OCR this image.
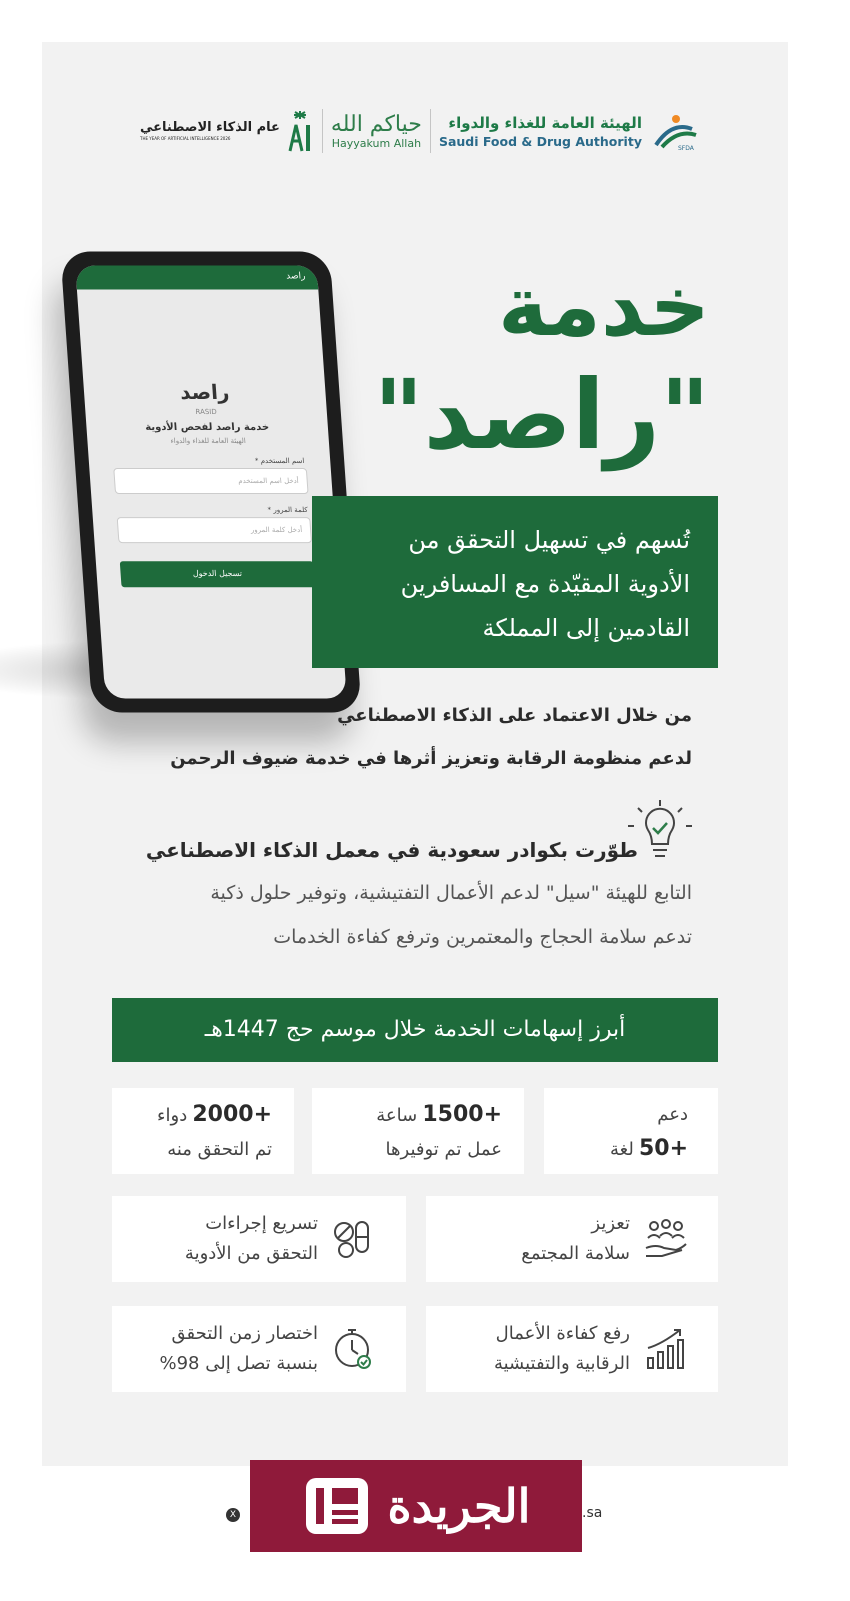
عام الذكاء الاصطناعي
THE YEAR OF ARTIFICIAL INTELLIGENCE 2026
حياكم الله
Hayyakum Allah
الهيئة العامة للغذاء والدواء
Saudi Food & Drug Authority	SFDA
خدمة
"راصد"
راصد
راصد
RASID
خدمة راصد لفحص الأدوية
الهيئة العامة للغذاء والدواء
اسم المستخدم *
أدخل اسم المستخدم
كلمة المرور *
أدخل كلمة المرور
تسجيل الدخول
تُسهم في تسهيل التحقق من
الأدوية المقيّدة مع المسافرين
القادمين إلى المملكة
من خلال الاعتماد على الذكاء الاصطناعي
لدعم منظومة الرقابة وتعزيز أثرها في خدمة ضيوف الرحمن
طوّرت بكوادر سعودية في معمل الذكاء الاصطناعي
التابع للهيئة "سيل" لدعم الأعمال التفتيشية، وتوفير حلول ذكية
تدعم سلامة الحجاج والمعتمرين وترفع كفاءة الخدمات
أبرز إسهامات الخدمة خلال موسم حج 1447هـ
+2000 دواء
تم التحقق منه
+1500 ساعة
عمل تم توفيرها
دعم
+50 لغة
تسريع إجراءات
التحقق من الأدوية
تعزيز
سلامة المجتمع
اختصار زمن التحقق
بنسبة تصل إلى 98%
رفع كفاءة الأعمال
الرقابية والتفتيشية
X	الجريدة	.sa
